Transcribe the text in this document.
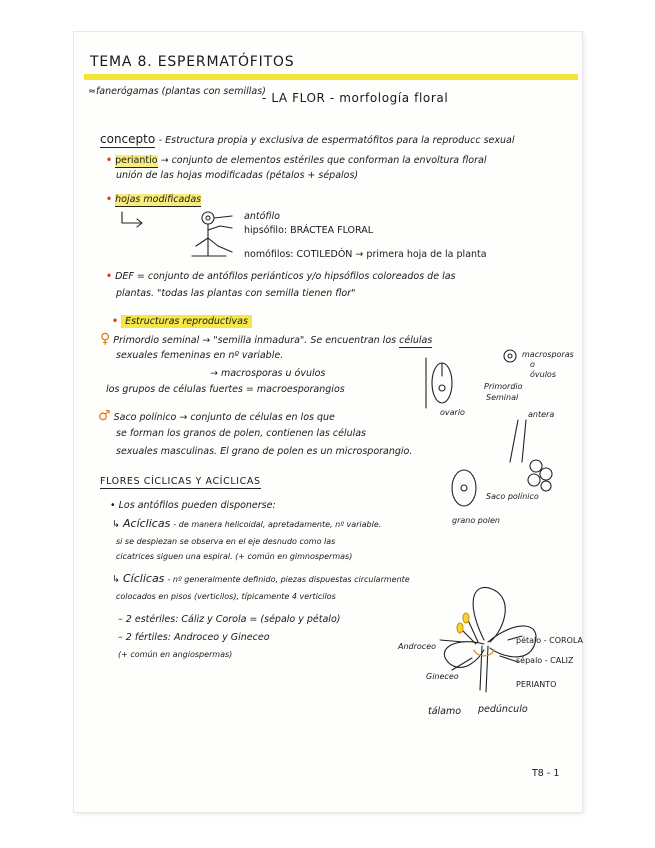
TEMA 8. ESPERMATÓFITOS
≈fanerógamas (plantas con semillas)
- LA FLOR - morfología floral
concepto - Estructura propia y exclusiva de espermatófitos para la reproducc sexual
• periantio → conjunto de elementos estériles que conforman la envoltura floral
unión de las hojas modificadas (pétalos + sépalos)
• hojas modificadas
antófilo
hipsófilo: BRÁCTEA FLORAL
nomófilos: COTILEDÓN → primera hoja de la planta
• DEF = conjunto de antófilos periánticos y/o hipsófilos coloreados de las
plantas. "todas las plantas con semilla tienen flor"
• Estructuras reproductivas
♀ Primordio seminal → "semilla inmadura". Se encuentran los células
sexuales femeninas en nº variable.
→ macrosporas u óvulos
los grupos de células fuertes = macroesporangios
macrosporas
o
óvulos
Primordio
Seminal
ovario
♂ Saco polínico → conjunto de células en los que
se forman los granos de polen, contienen las células
sexuales masculinas. El grano de polen es un microsporangio.
antera
Saco polínico
grano polen
FLORES CÍCLICAS Y ACÍCLICAS
• Los antófilos pueden disponerse:
↳ Acíclicas - de manera helicoidal, apretadamente, nº variable.
si se despiezan se observa en el eje desnudo como las
cicatrices siguen una espiral. (+ común en gimnospermas)
↳ Cíclicas - nº generalmente definido, piezas dispuestas circularmente
colocados en pisos (verticilos), típicamente 4 verticilos
– 2 estériles: Cáliz y Corola = (sépalo y pétalo)
– 2 fértiles: Androceo y Gineceo
(+ común en angiospermas)
Androceo
Gineceo
pétalo - COROLA
sépalo - CALIZ
PERIANTO
tálamo pedúnculo
T8 - 1
